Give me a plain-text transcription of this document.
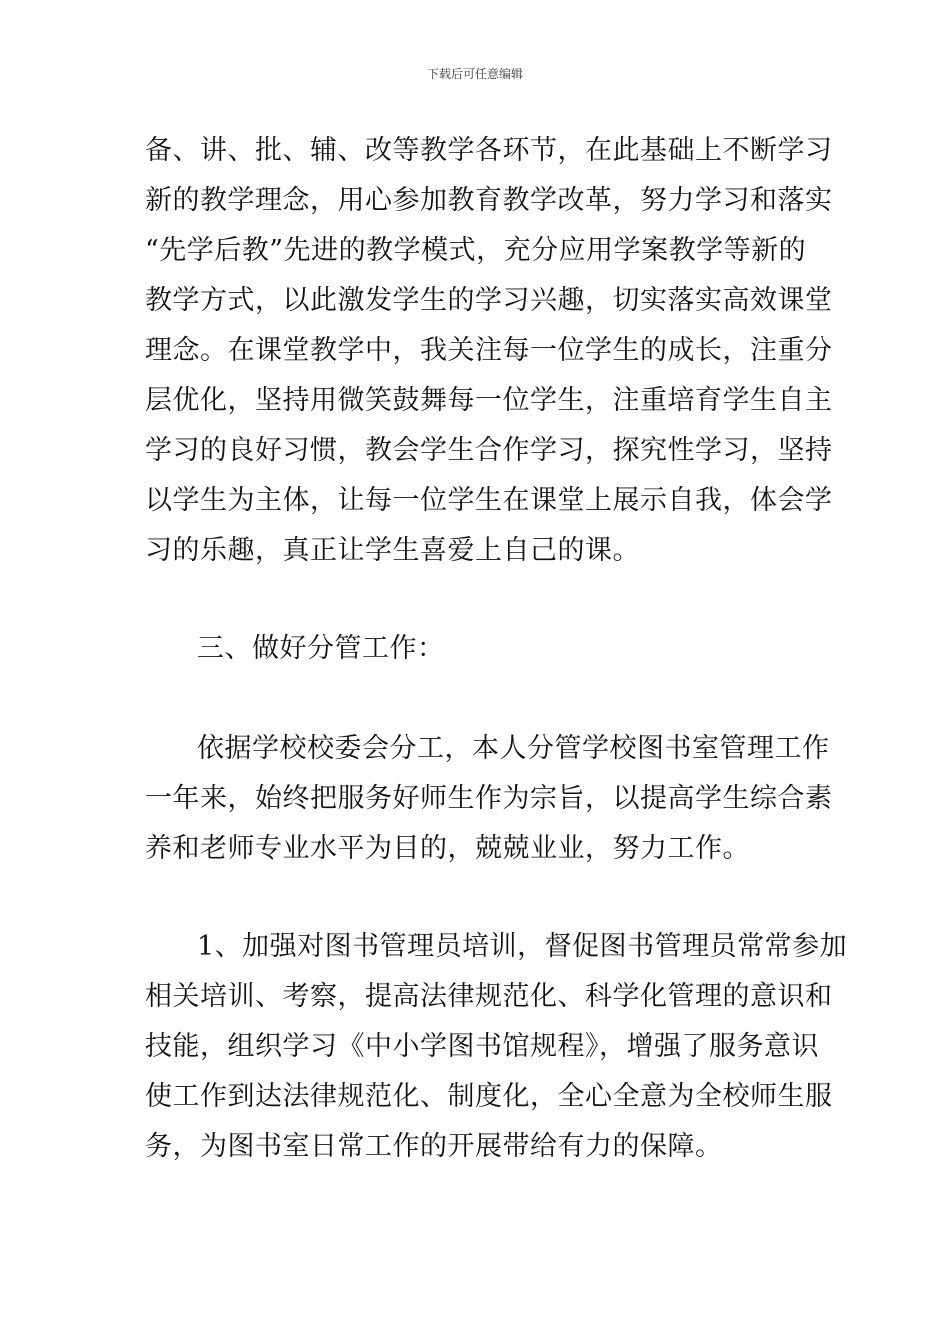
下载后可任意编辑
备、讲、批、辅、改等教学各环节，在此基础上不断学习
新的教学理念，用心参加教育教学改革，努力学习和落实
“先学后教”先进的教学模式，充分应用学案教学等新的
教学方式，以此激发学生的学习兴趣，切实落实高效课堂
理念。在课堂教学中，我关注每一位学生的成长，注重分
层优化，坚持用微笑鼓舞每一位学生，注重培育学生自主
学习的良好习惯，教会学生合作学习，探究性学习，坚持
以学生为主体，让每一位学生在课堂上展示自我，体会学
习的乐趣，真正让学生喜爱上自己的课。
三、做好分管工作：
依据学校校委会分工，本人分管学校图书室管理工作
一年来，始终把服务好师生作为宗旨，以提高学生综合素
养和老师专业水平为目的，兢兢业业，努力工作。
1、加强对图书管理员培训，督促图书管理员常常参加
相关培训、考察，提高法律规范化、科学化管理的意识和
技能，组织学习《中小学图书馆规程》，增强了服务意识
使工作到达法律规范化、制度化，全心全意为全校师生服
务，为图书室日常工作的开展带给有力的保障。
